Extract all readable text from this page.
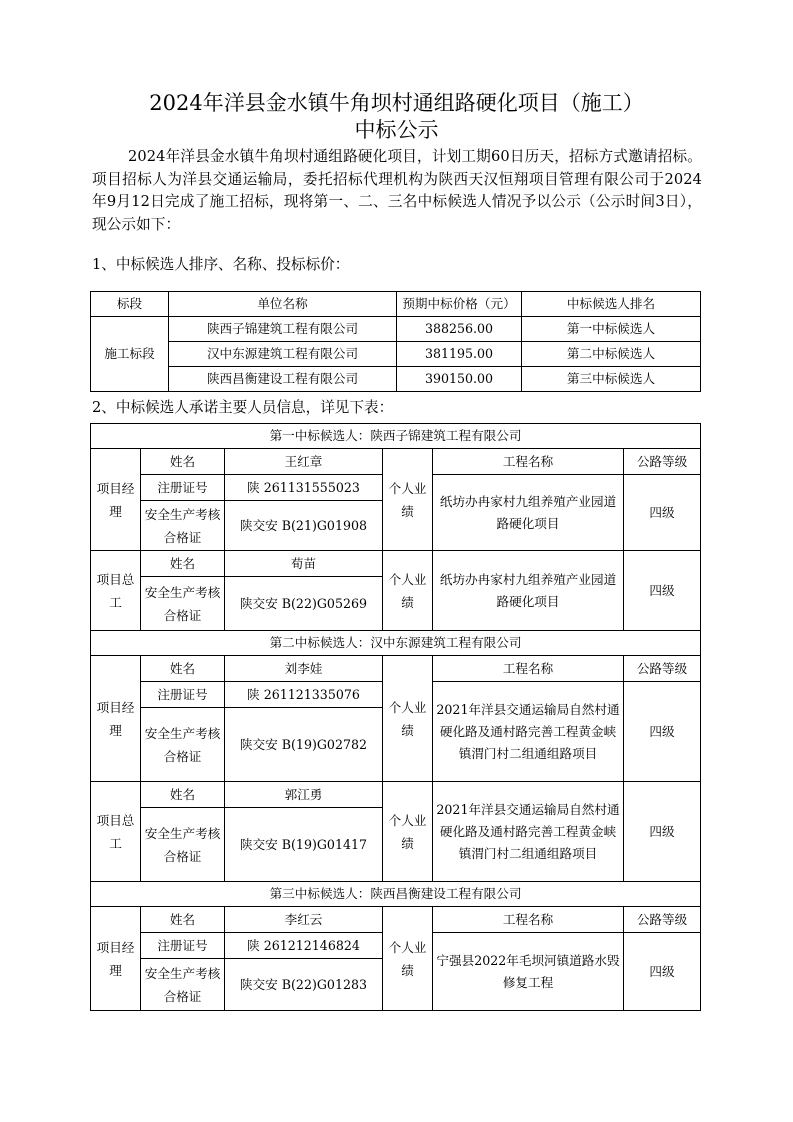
2024年洋县金水镇牛角坝村通组路硬化项目（施工）
中标公示
2024年洋县金水镇牛角坝村通组路硬化项目，计划工期60日历天，招标方式邀请招标。项目招标人为洋县交通运输局，委托招标代理机构为陕西天汉恒翔项目管理有限公司于2024年9月12日完成了施工招标，现将第一、二、三名中标候选人情况予以公示（公示时间3日），现公示如下：
1、中标候选人排序、名称、投标标价：
标段	单位名称	预期中标价格（元）	中标候选人排名
施工标段	陕西子锦建筑工程有限公司	388256.00	第一中标候选人
	汉中东源建筑工程有限公司	381195.00	第二中标候选人
	陕西昌衡建设工程有限公司	390150.00	第三中标候选人
2、中标候选人承诺主要人员信息，详见下表：
第一中标候选人：陕西子锦建筑工程有限公司					
项目经理	姓名	王红章	个人业绩	工程名称	公路等级
	注册证号	陕 261131555023		纸坊办冉家村九组养殖产业园道路硬化项目	四级
	安全生产考核合格证	陕交安 B(21)G01908			

项目总工	姓名	荀苗	个人业绩	纸坊办冉家村九组养殖产业园道路硬化项目	四级
	安全生产考核合格证	陕交安 B(22)G05269			

第二中标候选人：汉中东源建筑工程有限公司					
项目经理	姓名	刘李娃	个人业绩	工程名称	公路等级
	注册证号	陕 261121335076		2021年洋县交通运输局自然村通硬化路及通村路完善工程黄金峡镇渭门村二组通组路项目	四级
	安全生产考核合格证	陕交安 B(19)G02782			

项目总工	姓名	郭江勇	个人业绩	2021年洋县交通运输局自然村通硬化路及通村路完善工程黄金峡镇渭门村二组通组路项目	四级
	安全生产考核合格证	陕交安 B(19)G01417			

第三中标候选人：陕西昌衡建设工程有限公司					
项目经理	姓名	李红云	个人业绩	工程名称	公路等级
	注册证号	陕 261212146824		宁强县2022年毛坝河镇道路水毁修复工程	四级
	安全生产考核合格证	陕交安 B(22)G01283			
